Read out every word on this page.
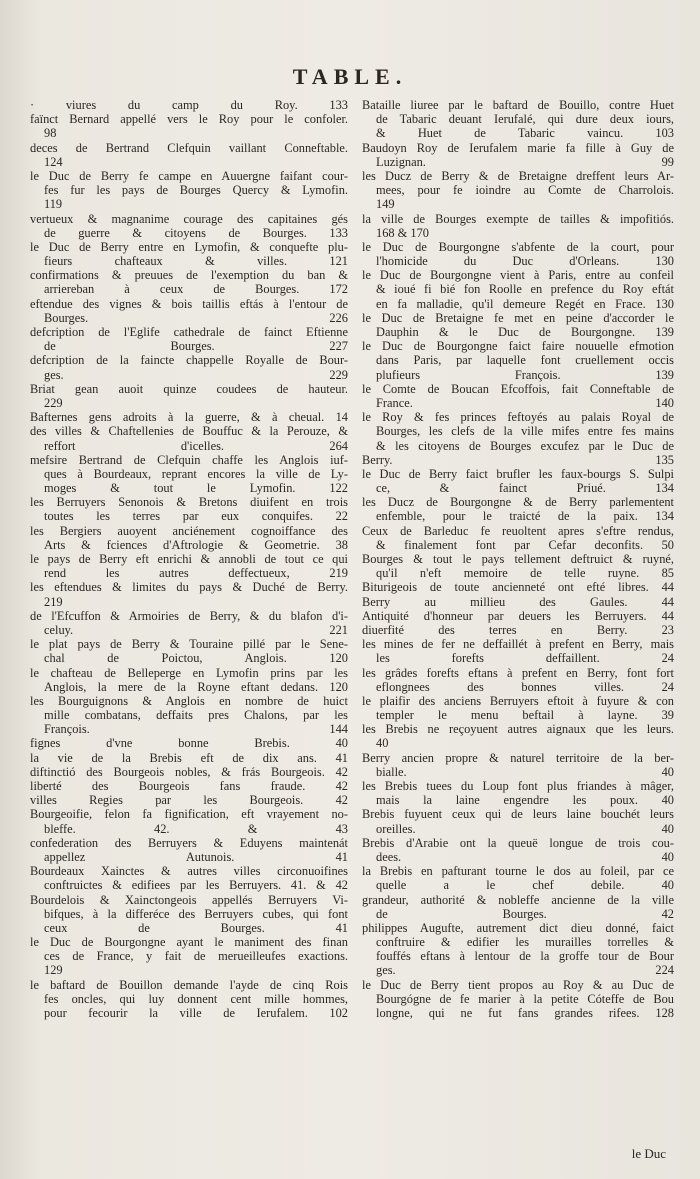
TABLE.
· viures du camp du Roy. 133
faïnct Bernard appellé vers le Roy pour le confoler.
98
deces de Bertrand Clefquin vaillant Conneftable.
124
le Duc de Berry fe campe en Auuergne faifant cour-
fes fur les pays de Bourges Quercy & Lymofin.
119
vertueux & magnanime courage des capitaines gés
de guerre & citoyens de Bourges. 133
le Duc de Berry entre en Lymofin, & conquefte plu-
fieurs chafteaux & villes. 121
confirmations & preuues de l'exemption du ban &
arriereban à ceux de Bourges. 172
eftendue des vignes & bois taillis eftás à l'entour de
Bourges. 226
defcription de l'Eglife cathedrale de fainct Eftienne
de Bourges. 227
defcription de la faincte chappelle Royalle de Bour-
ges. 229
Briat gean auoit quinze coudees de hauteur.
229
Bafternes gens adroits à la guerre, & à cheual. 14
des villes & Chaftellenies de Bouffuc & la Perouze, &
reffort d'icelles. 264
mefsire Bertrand de Clefquin chaffe les Anglois iuf-
ques à Bourdeaux, reprant encores la ville de Ly-
moges & tout le Lymofin. 122
les Berruyers Senonois & Bretons diuifent en trois
toutes les terres par eux conquifes. 22
les Bergiers auoyent anciénement cognoiffance des
Arts & fciences d'Aftrologie & Geometrie. 38
le pays de Berry eft enrichi & annobli de tout ce qui
rend les autres deffectueux, 219
les eftendues & limites du pays & Duché de Berry.
219
de l'Efcuffon & Armoiries de Berry, & du blafon d'i-
celuy. 221
le plat pays de Berry & Touraine pillé par le Sene-
chal de Poictou, Anglois. 120
le chafteau de Belleperge en Lymofin prins par les
Anglois, la mere de la Royne eftant dedans. 120
les Bourguignons & Anglois en nombre de huict
mille combatans, deffaits pres Chalons, par les
François. 144
fignes d'vne bonne Brebis. 40
la vie de la Brebis eft de dix ans. 41
diftinctió des Bourgeois nobles, & frás Bourgeois. 42
liberté des Bourgeois fans fraude. 42
villes Regies par les Bourgeois. 42
Bourgeoifie, felon fa fignification, eft vrayement no-
bleffe. 42. & 43
confederation des Berruyers & Eduyens maintenát
appellez Autunois. 41
Bourdeaux Xainctes & autres villes circonuoifines
conftruictes & edifiees par les Berruyers. 41. & 42
Bourdelois & Xainctongeois appellés Berruyers Vi-
bifques, à la differéce des Berruyers cubes, qui font
ceux de Bourges. 41
le Duc de Bourgongne ayant le maniment des finan
ces de France, y fait de merueilleufes exactions.
129
le baftard de Bouillon demande l'ayde de cinq Rois
fes oncles, qui luy donnent cent mille hommes,
pour fecourir la ville de Ierufalem. 102
Bataille liuree par le baftard de Bouillo, contre Huet
de Tabaric deuant Ierufalé, qui dure deux iours,
& Huet de Tabaric vaincu. 103
Baudoyn Roy de Ierufalem marie fa fille à Guy de
Luzignan. 99
les Ducz de Berry & de Bretaigne dreffent leurs Ar-
mees, pour fe ioindre au Comte de Charrolois.
149
la ville de Bourges exempte de tailles & impofitiós.
168 & 170
le Duc de Bourgongne s'abfente de la court, pour
l'homicide du Duc d'Orleans. 130
le Duc de Bourgongne vient à Paris, entre au confeil
& ioué fi bié fon Roolle en prefence du Roy eftát
en fa malladie, qu'il demeure Regét en Frace. 130
le Duc de Bretaigne fe met en peine d'accorder le
Dauphin & le Duc de Bourgongne. 139
le Duc de Bourgongne faict faire nouuelle efmotion
dans Paris, par laquelle font cruellement occis
plufieurs François. 139
le Comte de Boucan Efcoffois, fait Conneftable de
France. 140
le Roy & fes princes feftoyés au palais Royal de
Bourges, les clefs de la ville mifes entre fes mains
& les citoyens de Bourges excufez par le Duc de
Berry. 135
le Duc de Berry faict brufler les faux-bourgs S. Sulpi
ce, & fainct Priué. 134
les Ducz de Bourgongne & de Berry parlementent
enfemble, pour le traicté de la paix. 134
Ceux de Barleduc fe reuoltent apres s'eftre rendus,
& finalement font par Cefar deconfits. 50
Bourges & tout le pays tellement deftruict & ruyné,
qu'il n'eft memoire de telle ruyne. 85
Biturigeois de toute ancienneté ont efté libres. 44
Berry au millieu des Gaules. 44
Antiquité d'honneur par deuers les Berruyers. 44
diuerfité des terres en Berry. 23
les mines de fer ne deffaillét à prefent en Berry, mais
les forefts deffaillent. 24
les grâdes forefts eftans à prefent en Berry, font fort
eflongnees des bonnes villes. 24
le plaifir des anciens Berruyers eftoit à fuyure & con
templer le menu beftail à layne. 39
les Brebis ne reçoyuent autres aignaux que les leurs.
40
Berry ancien propre & naturel territoire de la ber-
bialle. 40
les Brebis tuees du Loup font plus friandes à mâger,
mais la laine engendre les poux. 40
Brebis fuyuent ceux qui de leurs laine bouchét leurs
oreilles. 40
Brebis d'Arabie ont la queuë longue de trois cou-
dees. 40
la Brebis en pafturant tourne le dos au foleil, par ce
quelle a le chef debile. 40
grandeur, authorité & nobleffe ancienne de la ville
de Bourges. 42
philippes Augufte, autrement dict dieu donné, faict
conftruire & edifier les murailles torrelles &
fouffés eftans à lentour de la groffe tour de Bour
ges. 224
le Duc de Berry tient propos au Roy & au Duc de
Bourgógne de fe marier à la petite Cóteffe de Bou
longne, qui ne fut fans grandes rifees. 128
le Duc
